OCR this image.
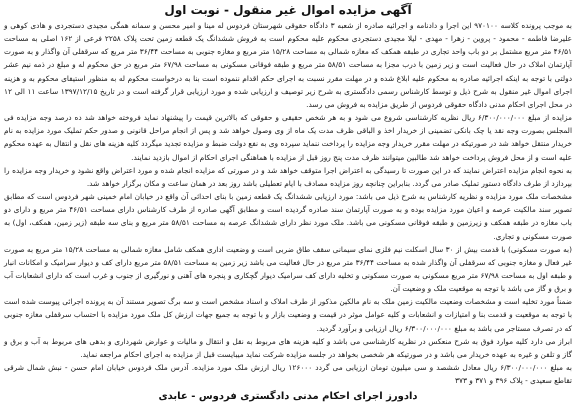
آگهی مزایده اموال غیر منقول - نوبت اول

به موجب پرونده کلاسه ۹۷۰۱۰۰ این اجرا و دادنامه و اجرائیه صادره از شعبه ۳ دادگاه حقوقی شهرستان فردوس له مینا و امیر محسن و سمانه همگی مجیدی دستجردی و هادی کوهی و علیرضا فاطمه - محمود - پروین - زهرا - مهدی - لیلا مجیدی دستجردی محکوم علیه محکوم است به فروش ششدانگ یک قطعه زمین تحت پلاک ۲۲۵۸ فرعی از ۱۶۲ اصلی به مساحت ۴۶/۵۱ متر مربع مشتمل بر دو باب واحد تجاری در طبقه همکف که مغازه شمالی به مساحت ۱۵/۲۸ متر مربع و مغازه جنوبی به مساحت ۳۶/۴۴ متر مربع که سرقفلی آن واگذار و به صورت آپارتمان املاک در حال فعالیت است و زیر زمین با درب مجزا به مساحت ۵۸/۵۱ متر مربع و طبقه فوقانی مسکونی به مساحت ۶۷/۹۸ متر مربع در حق محکوم له و مبلغ در ذمه نیم عشر دولتی با توجه به اینکه اجرائیه صادره به محکوم علیه ابلاغ شده و در مهلت مقرر نسبت به اجرای حکم اقدام ننموده است بنا به درخواست محکوم له به منظور استیفای محکوم به و هزینه اجرای اموال غیر منقول به شرح ذیل و توسط کارشناس رسمی دادگستری به شرح زیر توصیف و ارزیابی شده و مورد ارزیابی قرار گرفته است و در تاریخ ۱۳۹۷/۱۲/۱۵ ساعت ۱۱ الی ۱۲ در محل اجرای احکام مدنی دادگاه حقوقی فردوس از طریق مزایده به فروش می رسد.

مزایده از مبلغ ۶/۳۰۰/۰۰۰/۰۰۰ ریال نظریه کارشناسی شروع می شود و به هر شخص حقیقی و حقوقی که بالاترین قیمت را پیشنهاد نماید فروخته خواهد شد ده درصد وجه مزایده فی المجلس بصورت وجه نقد یا چک بانکی تضمینی از خریدار اخذ و الباقی ظرف مدت یک ماه از وی وصول خواهد شد و پس از انجام مراحل قانونی و صدور حکم تملیک مورد مزایده به نام خریدار منتقل خواهد شد در صورتیکه در مهلت مقرر خریدار وجه مزایده را پرداخت ننماید سپرده وی به نفع دولت ضبط و مزایده تجدید میگردد کلیه هزینه های نقل و انتقال به عهده محکوم علیه است و از محل فروش پرداخت خواهد شد طالبین میتوانند ظرف مدت پنج روز قبل از مزایده با هماهنگی اجرای احکام از اموال بازدید نمایند.

به نحوه انجام مزایده اعتراض نمایند که در این صورت تا رسیدگی به اعتراض اجرا متوقف خواهد شد و در صورتی که مزایده انجام شده و مورد اعتراض واقع نشود و خریدار وجه مزایده را بپردازد از طرف دادگاه دستور تملیک صادر می گردد. بنابراین چنانچه روز مزایده مصادف با ایام تعطیلی باشد روز بعد در همان ساعت و مکان برگزار خواهد شد.

مشخصات ملک مورد مزایده و نظریه کارشناس به شرح ذیل می باشد: مورد ارزیابی ششدانگ یک قطعه زمین با بنای احداثی آن واقع در خیابان امام خمینی شهر فردوس است که مطابق تصویر سند مالکیت عرصه و اعیان مورد مزایده بوده و به صورت آپارتمان سند صادره گردیده است و مطابق آگهی صادره از طرف کارشناس دارای مساحت ۴۶/۵۱ متر مربع و دارای دو باب مغازه در طبقه همکف و زیرزمین و طبقه فوقانی مسکونی می باشد. ملک مورد نظر دارای ششدانگ عرصه به مساحت ۵۸/۵۱ متر مربع و بنای سه طبقه (زیر زمین، همکف، اول) به صورت مسکونی و تجاری.

(به صورت مسکونی) با قدمت بیش از ۳۰ سال اسکلت نیم فلزی نمای سیمانی سقف طاق ضربی است و وضعیت اداری همکف شامل مغازه شمالی به مساحت ۱۵/۲۸ متر مربع به صورت غیر فعال و مغازه جنوبی که سرقفلی آن واگذار شده به مساحت ۳۶/۴۴ متر مربع در حال فعالیت می باشد زیر زمین به مساحت ۵۸/۵۱ متر مربع دارای کف و دیوار سرامیک و امکانات انبار و طبقه اول به مساحت ۶۷/۹۸ متر مربع مسکونی به صورت مسکونی و تخلیه دارای کف سرامیک دیوار گچکاری و پنجره های آهنی و نورگیری از جنوب و غرب است که دارای انشعابات آب و برق و گاز می باشد با توجه به موقعیت ملک و وضعیت آن.

ضمناً مورد تخلیه است و مشخصات وضعیت مالکیت زمین ملک به نام مالکین مذکور از طرف املاک و اسناد مشخص است و سه برگ تصویر مستند آن به پرونده اجرائی پیوست شده است با توجه به موقعیت و قدمت بنا و امتیازات و انشعابات و کلیه عوامل موثر در قیمت و وضعیت بازار و با توجه به جمیع جهات ارزش کل ملک مورد مزایده با احتساب سرقفلی مغازه جنوبی که در تصرف مستاجر می باشد به مبلغ ۶/۳۰۰/۰۰۰/۰۰۰ ریال ارزیابی و برآورد گردید.

ابراز می دارد کلیه موارد فوق به شرح منعکس در نظریه کارشناسی می باشد و کلیه هزینه های مربوط به نقل و انتقال و مالیات و عوارض شهرداری و بدهی های مربوط به آب و برق و گاز و تلفن و غیره به عهده خریدار می باشد و در صورتیکه هر شخصی بخواهد در جلسه مزایده شرکت نماید میبایست قبل از مزایده به اجرای احکام مراجعه نماید.

به مبلغ ۶/۳۰۰/۰۰۰/۰۰۰ ریال معادل ششصد و سی میلیون تومان ارزیابی می گردد ۱۲۶۰۰۰ ریال ارزش ملک مورد مزایده. آدرس ملک فردوس خیابان امام حسن - نبش شمال شرقی تقاطع سعیدی - پلاک ۳۹۶ و ۳۷۱ و ۳۷۳

دادورز اجرای احکام مدنی دادگستری فردوس - عابدی
